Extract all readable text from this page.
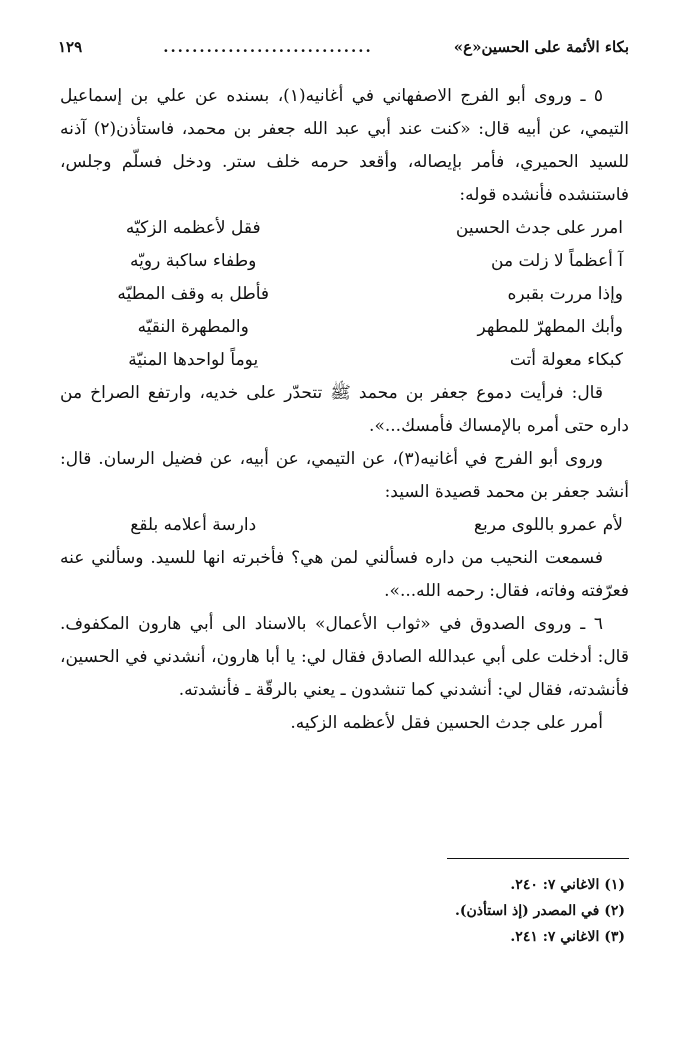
بكاء الأئمة على الحسين«ع»
.............................
١٢٩

٥ ـ وروى أبو الفرج الاصفهاني في أغانيه(١)، بسنده عن علي بن إسماعيل التيمي، عن أبيه قال: «كنت عند أبي عبد الله جعفر بن محمد، فاستأذن(٢) آذنه للسيد الحميري، فأمر بإيصاله، وأقعد حرمه خلف ستر. ودخل فسلّم وجلس، فاستنشده فأنشده قوله:

امرر على جدث الحسين
فقل لأعظمه الزكيّه
آ أعظماً لا زلت من
وطفاء ساكبة رويّه
وإذا مررت بقبره
فأطل به وقف المطيّه
وأبك المطهرّ للمطهر
والمطهرة النقيّه
كبكاء معولة أتت
يوماً لواحدها المنيّة

قال: فرأيت دموع جعفر بن محمد ﷺ تتحدّر على خديه، وارتفع الصراخ من داره حتى أمره بالإمساك فأمسك...».

وروى أبو الفرج في أغانيه(٣)، عن التيمي، عن أبيه، عن فضيل الرسان. قال: أنشد جعفر بن محمد قصيدة السيد:

لأم عمرو باللوى مربع
دارسة أعلامه بلقع

فسمعت النحيب من داره فسألني لمن هي؟ فأخبرته انها للسيد. وسألني عنه فعرّفته وفاته، فقال: رحمه الله...».

٦ ـ وروى الصدوق في «ثواب الأعمال» بالاسناد الى أبي هارون المكفوف. قال: أدخلت على أبي عبدالله الصادق فقال لي: يا أبا هارون، أنشدني في الحسين، فأنشدته، فقال لي: أنشدني كما تنشدون ـ يعني بالرقّة ـ فأنشدته.

أمرر على جدث الحسين فقل لأعظمه الزكيه.

(١) الاغاني ٧: ٢٤٠.
(٢) في المصدر (إذ استأذن).
(٣) الاغاني ٧: ٢٤١.
